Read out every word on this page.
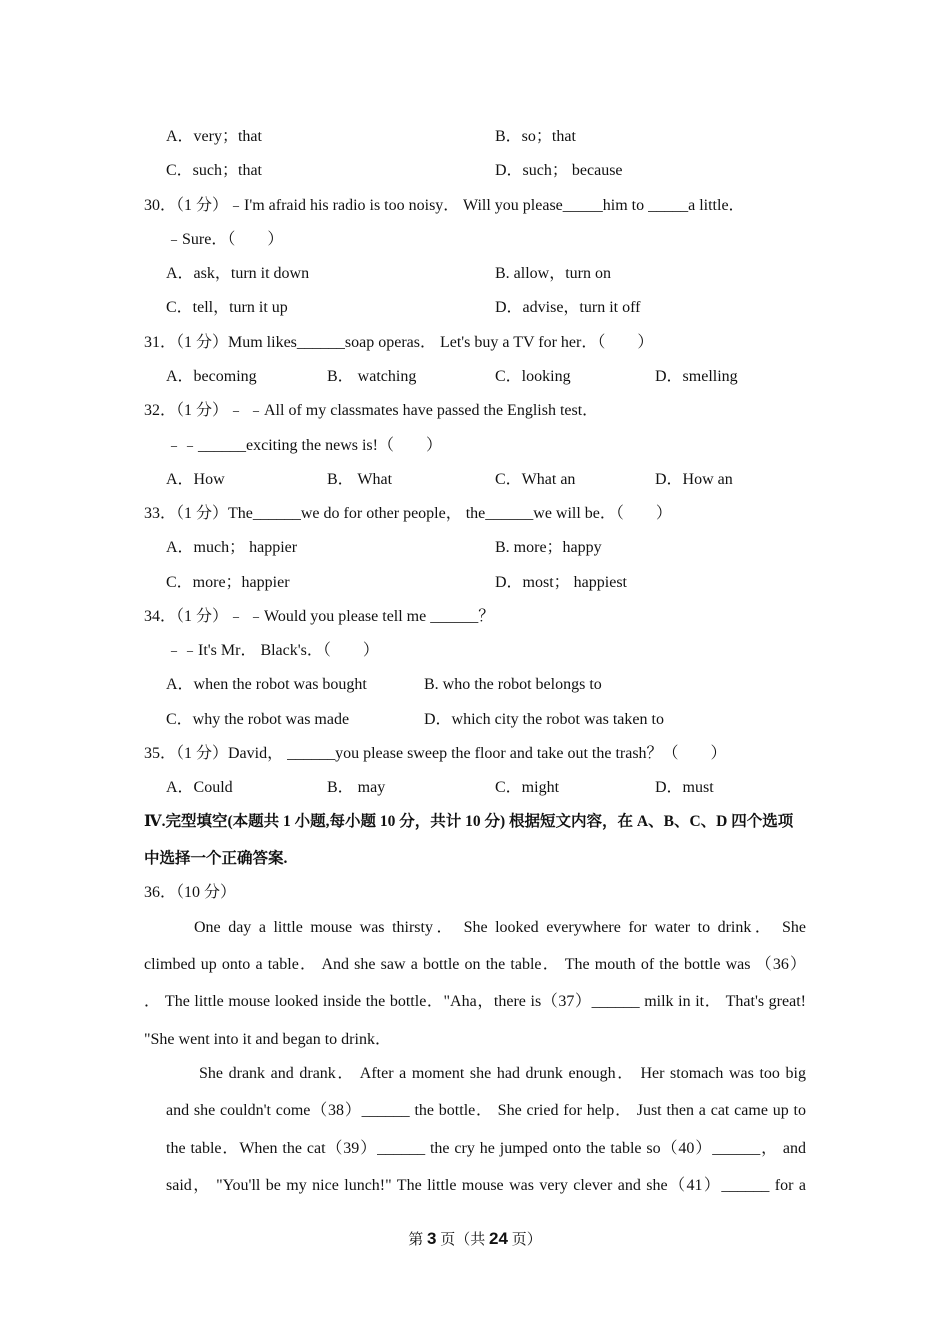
A．very；that	B．so；that
C．such；that	D．such； because
30．（1 分）﹣I'm afraid his radio is too noisy． Will you please_____him to _____a little．
﹣Sure．（　　）
A．ask，turn it down	B. allow，turn on
C．tell，turn it up	D．advise，turn it off
31．（1 分）Mum likes______soap operas． Let's buy a TV for her．（　　）
A．becoming	B． watching	C．looking	D．smelling
32．（1 分）﹣ ﹣All of my classmates have passed the English test．
﹣﹣______exciting the news is!（　　）
A．How	B． What	C．What an	D．How an
33．（1 分）The______we do for other people， the______we will be．（　　）
A．much； happier	B. more；happy
C．more；happier	D．most； happiest
34．（1 分）﹣ ﹣Would you please tell me ______？
﹣﹣It's Mr． Black's．（　　）
A．when the robot was bought	B. who the robot belongs to
C．why the robot was made	D．which city the robot was taken to
35．（1 分）David， ______you please sweep the floor and take out the trash？（　　）
A．Could	B． may	C．might	D．must
Ⅳ.完型填空(本题共 1 小题,每小题 10 分，共计 10 分) 根据短文内容，在 A、B、C、D 四个选项
中选择一个正确答案.
36．（10 分）
One day a little mouse was thirsty． She looked everywhere for water to drink． She
climbed up onto a table． And she saw a bottle on the table． The mouth of the bottle was （36）
． The little mouse looked inside the bottle．"Aha，there is（37）______ milk in it． That's great!
"She went into it and began to drink．
She drank and drank． After a moment she had drunk enough． Her stomach was too big
and she couldn't come（38）______ the bottle． She cried for help． Just then a cat came up to
the table．When the cat（39）______ the cry he jumped onto the table so（40）______， and
said， "You'll be my nice lunch!" The little mouse was very clever and she（41）______ for a
第 3 页（共 24 页）
